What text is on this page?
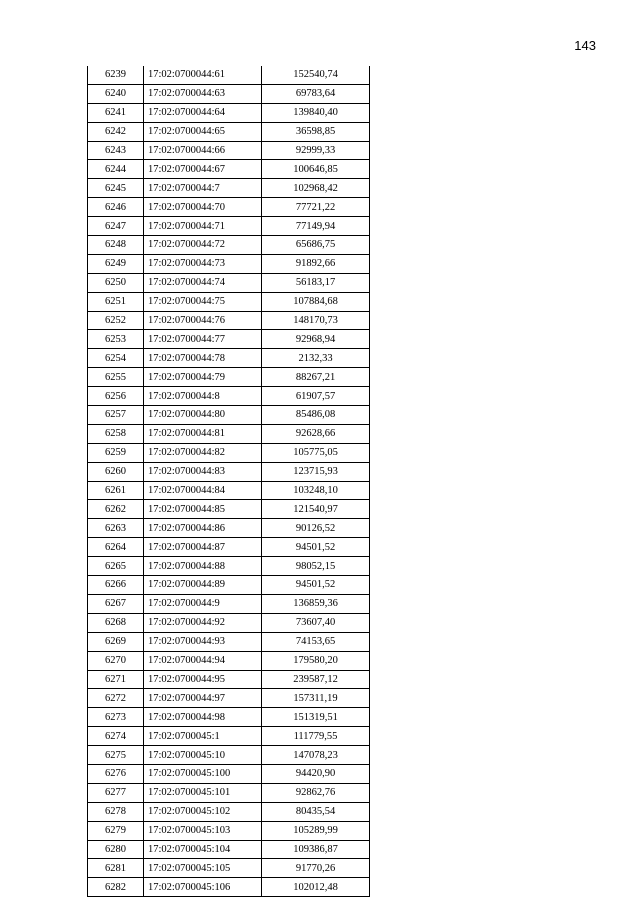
143
6239	17:02:0700044:61	152540,74
6240	17:02:0700044:63	69783,64
6241	17:02:0700044:64	139840,40
6242	17:02:0700044:65	36598,85
6243	17:02:0700044:66	92999,33
6244	17:02:0700044:67	100646,85
6245	17:02:0700044:7	102968,42
6246	17:02:0700044:70	77721,22
6247	17:02:0700044:71	77149,94
6248	17:02:0700044:72	65686,75
6249	17:02:0700044:73	91892,66
6250	17:02:0700044:74	56183,17
6251	17:02:0700044:75	107884,68
6252	17:02:0700044:76	148170,73
6253	17:02:0700044:77	92968,94
6254	17:02:0700044:78	2132,33
6255	17:02:0700044:79	88267,21
6256	17:02:0700044:8	61907,57
6257	17:02:0700044:80	85486,08
6258	17:02:0700044:81	92628,66
6259	17:02:0700044:82	105775,05
6260	17:02:0700044:83	123715,93
6261	17:02:0700044:84	103248,10
6262	17:02:0700044:85	121540,97
6263	17:02:0700044:86	90126,52
6264	17:02:0700044:87	94501,52
6265	17:02:0700044:88	98052,15
6266	17:02:0700044:89	94501,52
6267	17:02:0700044:9	136859,36
6268	17:02:0700044:92	73607,40
6269	17:02:0700044:93	74153,65
6270	17:02:0700044:94	179580,20
6271	17:02:0700044:95	239587,12
6272	17:02:0700044:97	157311,19
6273	17:02:0700044:98	151319,51
6274	17:02:0700045:1	111779,55
6275	17:02:0700045:10	147078,23
6276	17:02:0700045:100	94420,90
6277	17:02:0700045:101	92862,76
6278	17:02:0700045:102	80435,54
6279	17:02:0700045:103	105289,99
6280	17:02:0700045:104	109386,87
6281	17:02:0700045:105	91770,26
6282	17:02:0700045:106	102012,48
